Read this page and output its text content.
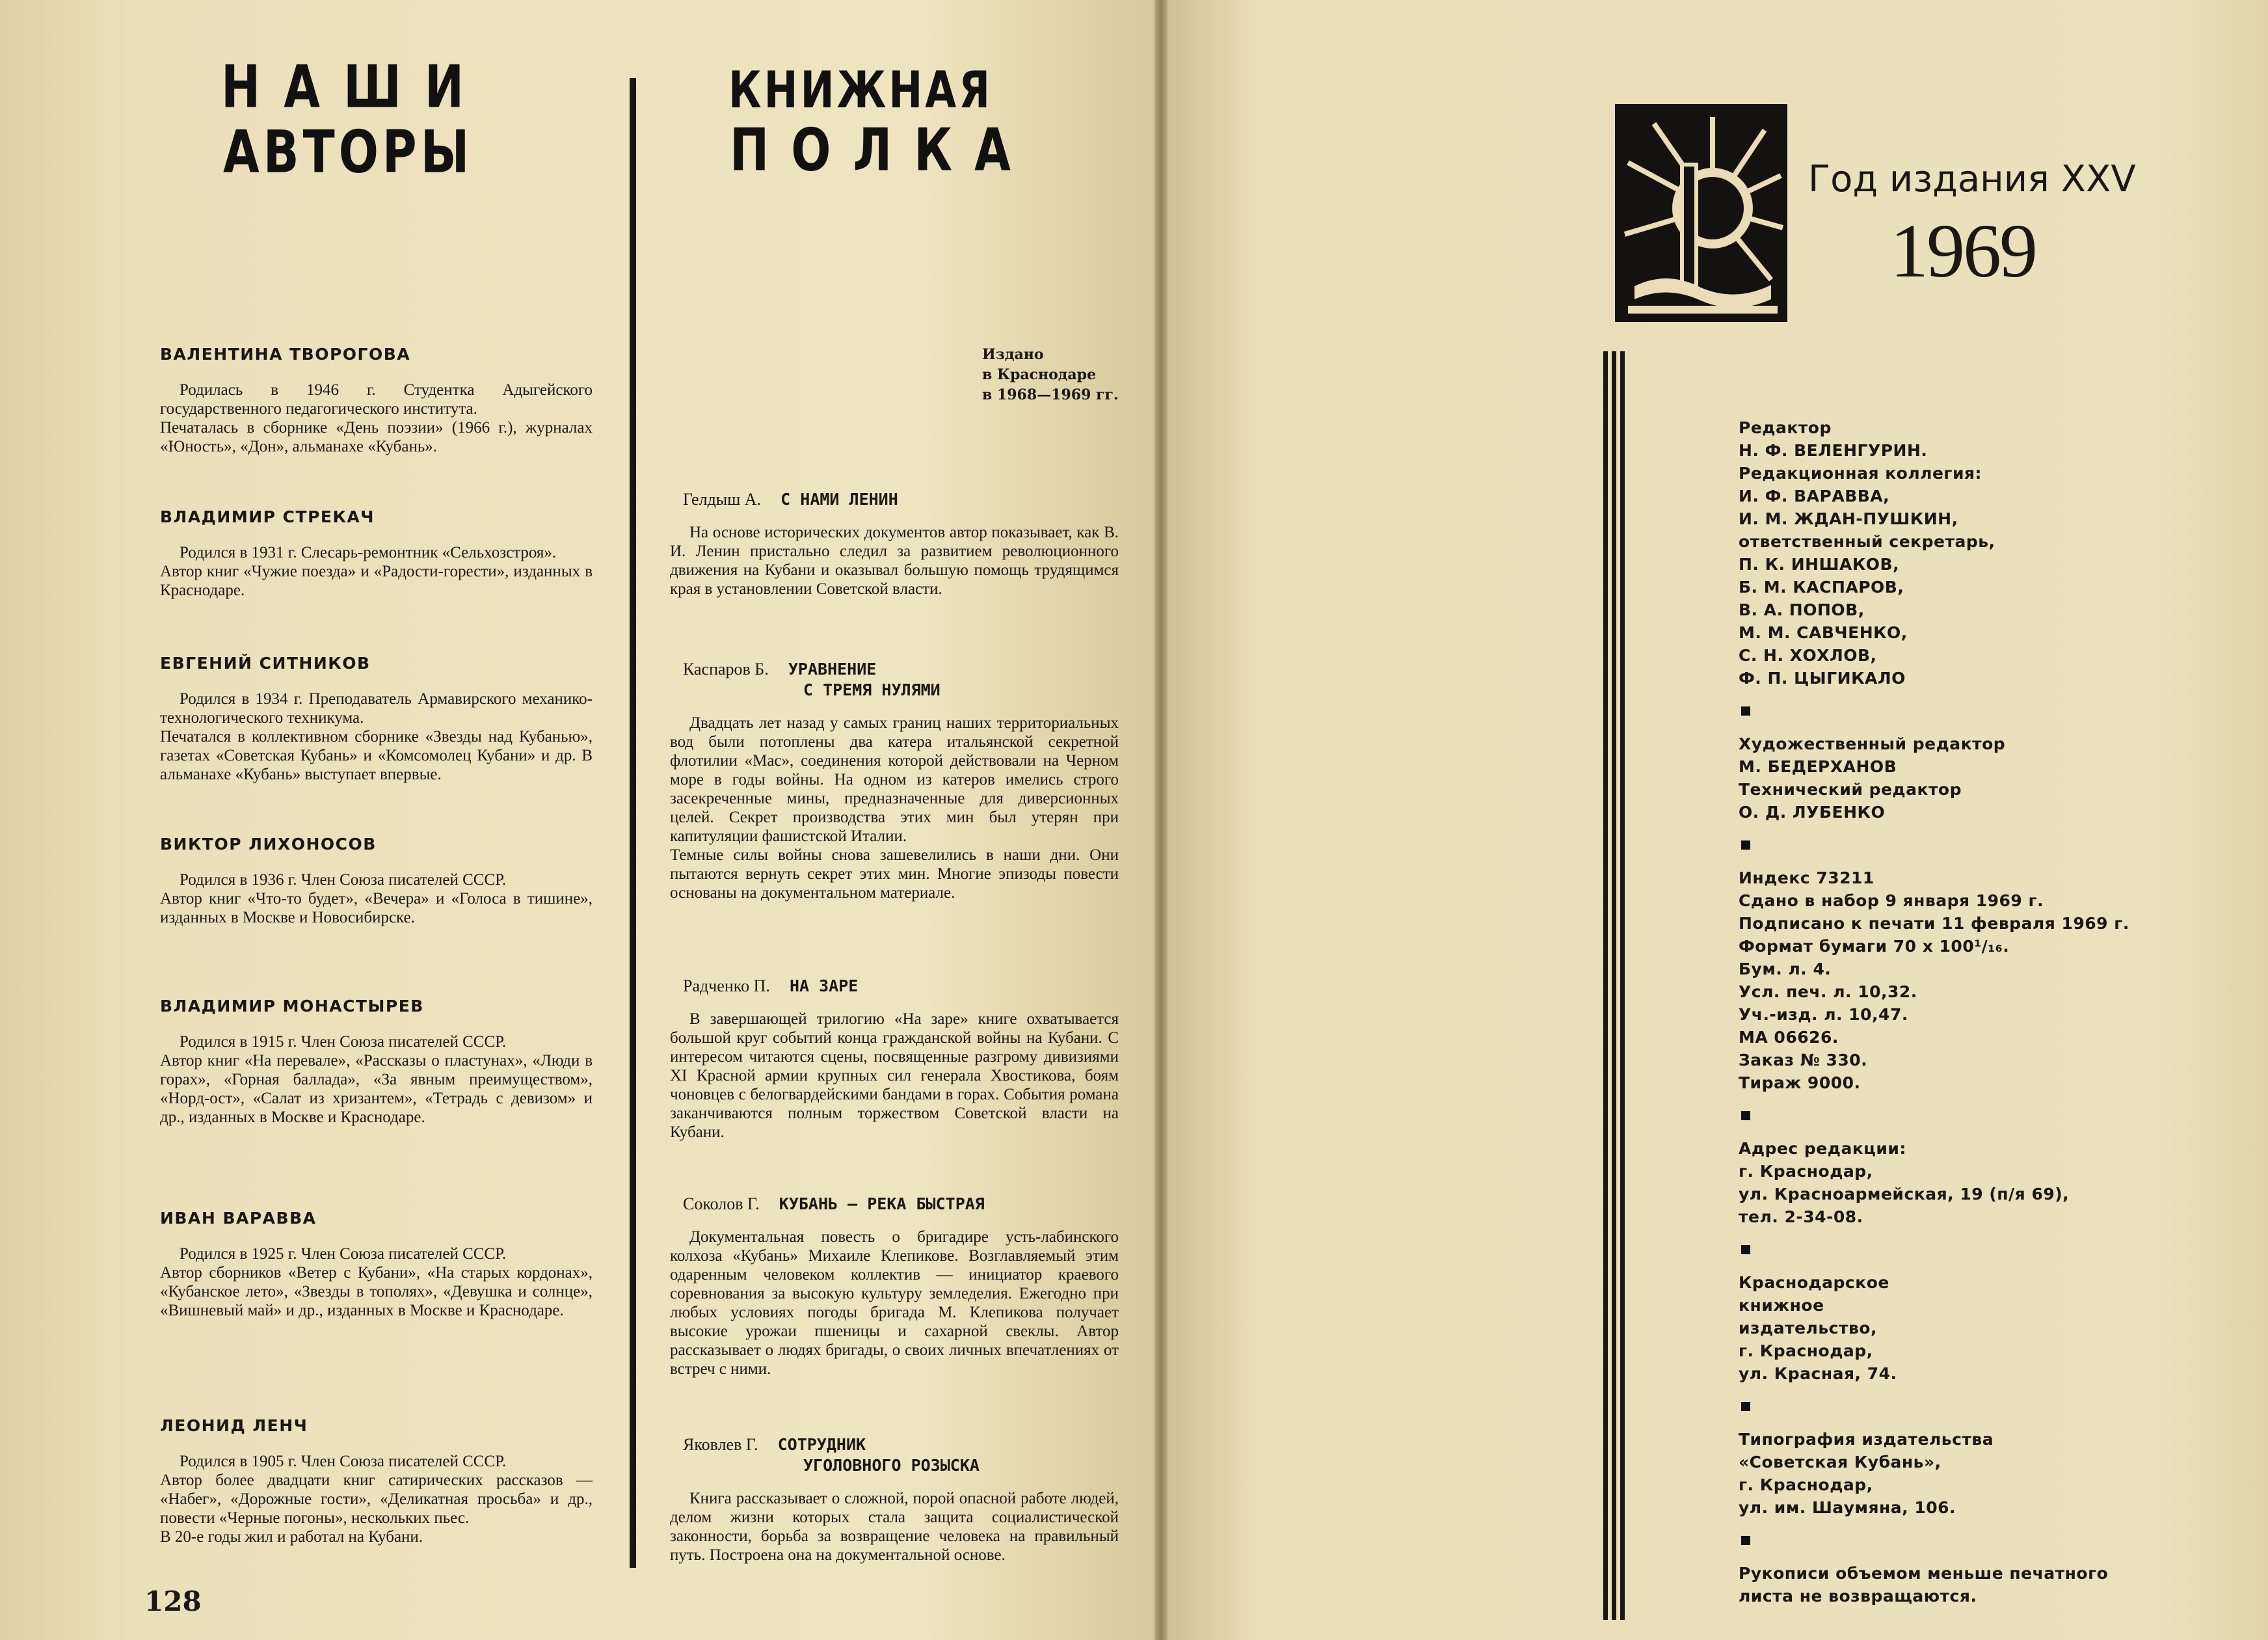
НАШИ
АВТОРЫ
КНИЖНАЯ
ПОЛКА
ВАЛЕНТИНА ТВОРОГОВА
Родилась в 1946 г. Студентка Адыгейского государственного педагогического института.
Печаталась в сборнике «День поэзии» (1966 г.), журналах «Юность», «Дон», альманахе «Кубань».
ВЛАДИМИР СТРЕКАЧ
Родился в 1931 г. Слесарь-ремонтник «Сельхозстроя».
Автор книг «Чужие поезда» и «Радости-горести», изданных в Краснодаре.
ЕВГЕНИЙ СИТНИКОВ
Родился в 1934 г. Преподаватель Армавирского механико-технологического техникума.
Печатался в коллективном сборнике «Звезды над Кубанью», газетах «Советская Кубань» и «Комсомолец Кубани» и др. В альманахе «Кубань» выступает впервые.
ВИКТОР ЛИХОНОСОВ
Родился в 1936 г. Член Союза писателей СССР.
Автор книг «Что-то будет», «Вечера» и «Голоса в тишине», изданных в Москве и Новосибирске.
ВЛАДИМИР МОНАСТЫРЕВ
Родился в 1915 г. Член Союза писателей СССР.
Автор книг «На перевале», «Рассказы о пластунах», «Люди в горах», «Горная баллада», «За явным преимуществом», «Норд-ост», «Салат из хризантем», «Тетрадь с девизом» и др., изданных в Москве и Краснодаре.
ИВАН ВАРАВВА
Родился в 1925 г. Член Союза писателей СССР.
Автор сборников «Ветер с Кубани», «На старых кордонах», «Кубанское лето», «Звезды в тополях», «Девушка и солнце», «Вишневый май» и др., изданных в Москве и Краснодаре.
ЛЕОНИД ЛЕНЧ
Родился в 1905 г. Член Союза писателей СССР.
Автор более двадцати книг сатирических рассказов — «Набег», «Дорожные гости», «Деликатная просьба» и др., повести «Черные погоны», нескольких пьес.
В 20-е годы жил и работал на Кубани.
128
Издано
в Краснодаре
в 1968—1969 гг.
Гелдыш А. С НАМИ ЛЕНИН
На основе исторических документов автор показывает, как В. И. Ленин пристально следил за развитием революционного движения на Кубани и оказывал большую помощь трудящимся края в установлении Советской власти.
Каспаров Б. УРАВНЕНИЕ
С ТРЕМЯ НУЛЯМИ
Двадцать лет назад у самых границ наших территориальных вод были потоплены два катера итальянской секретной флотилии «Мас», соединения которой действовали на Черном море в годы войны. На одном из катеров имелись строго засекреченные мины, предназначенные для диверсионных целей. Секрет производства этих мин был утерян при капитуляции фашистской Италии.
Темные силы войны снова зашевелились в наши дни. Они пытаются вернуть секрет этих мин. Многие эпизоды повести основаны на документальном материале.
Радченко П. НА ЗАРЕ
В завершающей трилогию «На заре» книге охватывается большой круг событий конца гражданской войны на Кубани. С интересом читаются сцены, посвященные разгрому дивизиями XI Красной армии крупных сил генерала Хвостикова, боям чоновцев с белогвардейскими бандами в горах. События романа заканчиваются полным торжеством Советской власти на Кубани.
Соколов Г. КУБАНЬ — РЕКА БЫСТРАЯ
Документальная повесть о бригадире усть-лабинского колхоза «Кубань» Михаиле Клепикове. Возглавляемый этим одаренным человеком коллектив — инициатор краевого соревнования за высокую культуру земледелия. Ежегодно при любых условиях погоды бригада М. Клепикова получает высокие урожаи пшеницы и сахарной свеклы. Автор рассказывает о людях бригады, о своих личных впечатлениях от встреч с ними.
Яковлев Г. СОТРУДНИК
УГОЛОВНОГО РОЗЫСКА
Книга рассказывает о сложной, порой опасной работе людей, делом жизни которых стала защита социалистической законности, борьба за возвращение человека на правильный путь. Построена она на документальной основе.
Год издания XXV
1969
Редактор
Н. Ф. ВЕЛЕНГУРИН.
Редакционная коллегия:
И. Ф. ВАРАВВА,
И. М. ЖДАН-ПУШКИН,
ответственный секретарь,
П. К. ИНШАКОВ,
Б. М. КАСПАРОВ,
В. А. ПОПОВ,
М. М. САВЧЕНКО,
С. Н. ХОХЛОВ,
Ф. П. ЦЫГИКАЛО
Художественный редактор
М. БЕДЕРХАНОВ
Технический редактор
О. Д. ЛУБЕНКО
Индекс 73211
Сдано в набор 9 января 1969 г.
Подписано к печати 11 февраля 1969 г.
Формат бумаги 70 x 100¹/₁₆.
Бум. л. 4.
Усл. печ. л. 10,32.
Уч.-изд. л. 10,47.
МА 06626.
Заказ № 330.
Тираж 9000.
Адрес редакции:
г. Краснодар,
ул. Красноармейская, 19 (п/я 69),
тел. 2-34-08.
Краснодарское
книжное
издательство,
г. Краснодар,
ул. Красная, 74.
Типография издательства
«Советская Кубань»,
г. Краснодар,
ул. им. Шаумяна, 106.
Рукописи объемом меньше печатного
листа не возвращаются.
